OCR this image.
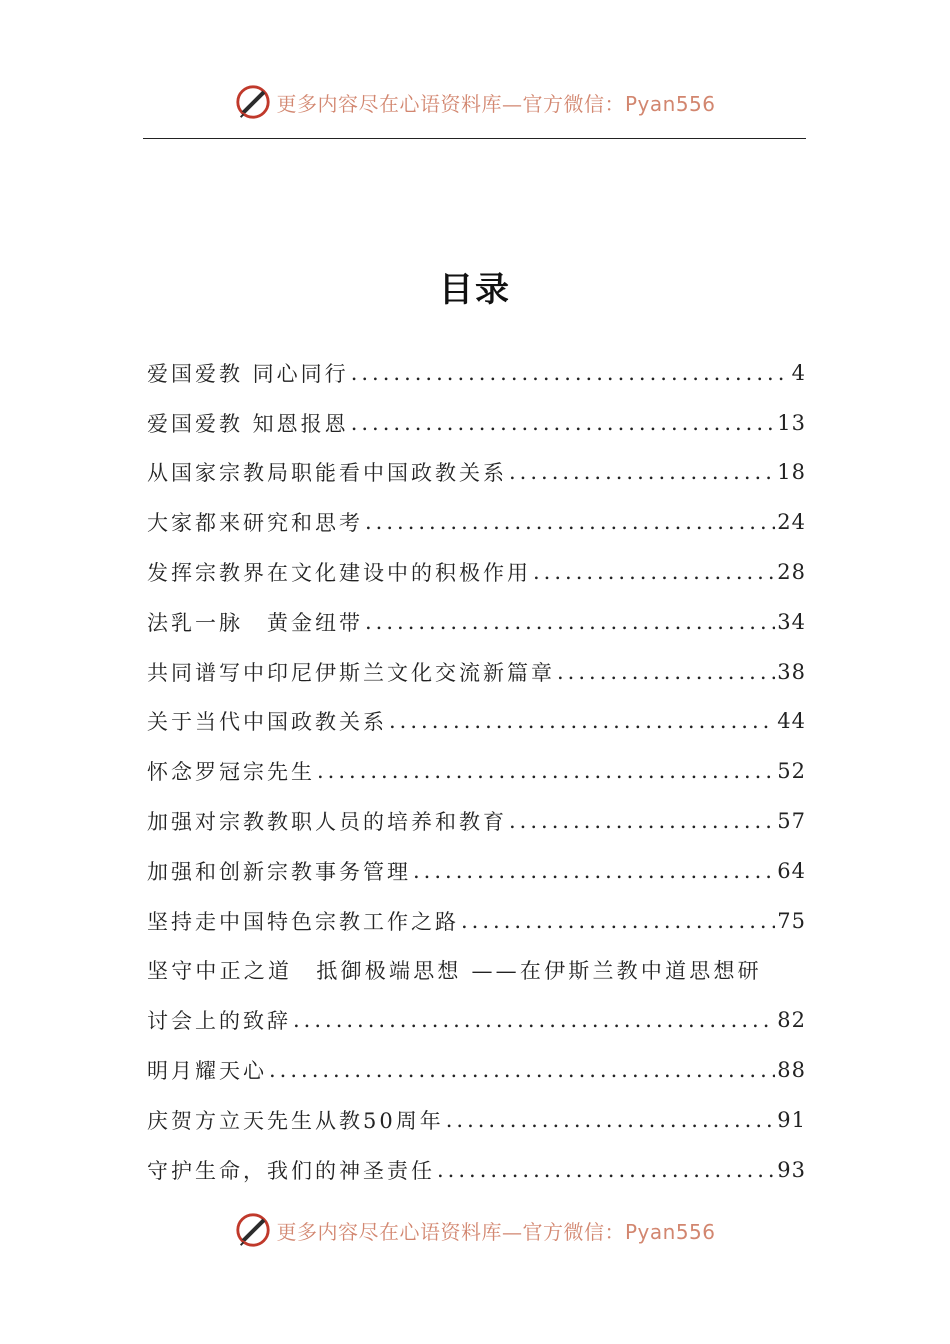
更多内容尽在心语资料库—官方微信：Pyan556
目录
爱国爱教 同心同行 .....	4
爱国爱教 知恩报恩 .....	13
从国家宗教局职能看中国政教关系 .....	18
大家都来研究和思考 .....	24
发挥宗教界在文化建设中的积极作用 .....	28
法乳一脉　黄金纽带 .....	34
共同谱写中印尼伊斯兰文化交流新篇章 .....	38
关于当代中国政教关系 .....	44
怀念罗冠宗先生 .....	52
加强对宗教教职人员的培养和教育 .....	57
加强和创新宗教事务管理 .....	64
坚持走中国特色宗教工作之路 .....	75
坚守中正之道　抵御极端思想 ——在伊斯兰教中道思想研
讨会上的致辞 .....	82
明月耀天心 .....	88
庆贺方立天先生从教50周年 .....	91
守护生命，我们的神圣责任 .....	93
更多内容尽在心语资料库—官方微信：Pyan556
